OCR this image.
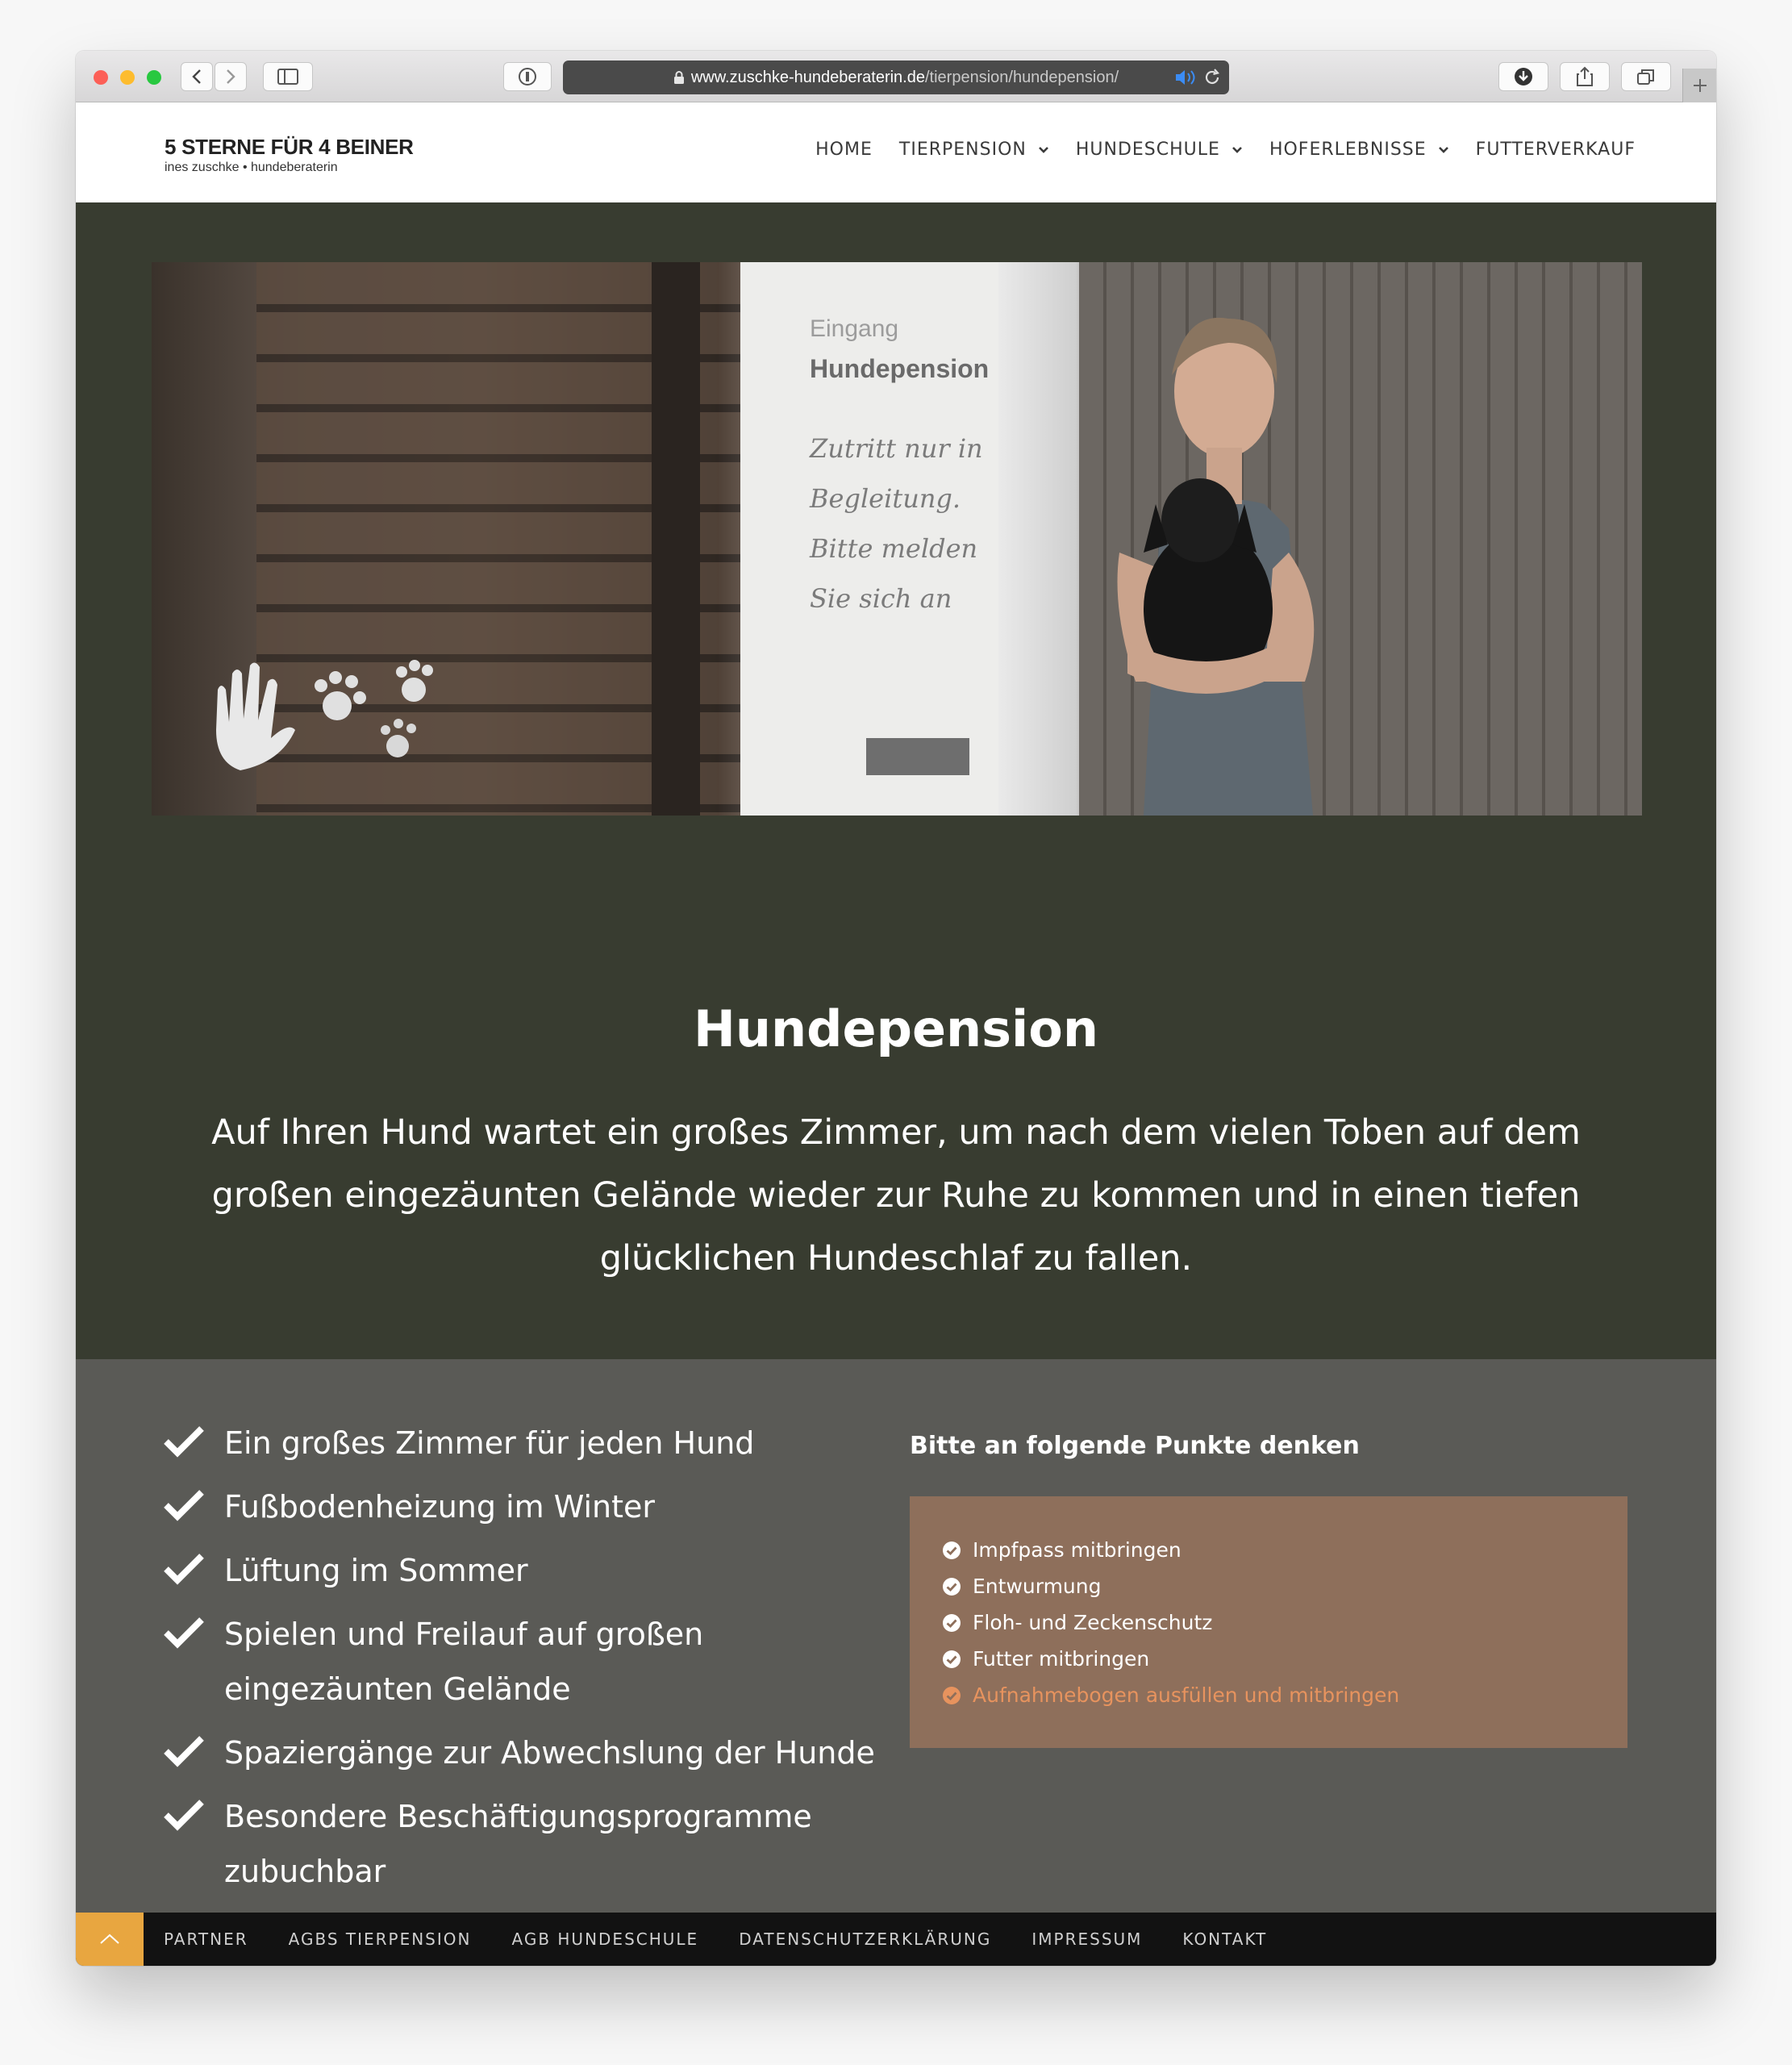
www.zuschke-hundeberaterin.de /tierpension/hundepension/
5 STERNE FÜR 4 BEINER
ines zuschke • hundeberaterin
HOME TIERPENSION	HUNDESCHULE	HOFERLEBNISSE	FUTTERVERKAUF
Eingang
Hundepension
Zutritt nur in Begleitung. Bitte melden Sie sich an
Hundepension

Auf Ihren Hund wartet ein großes Zimmer, um nach dem vielen Toben auf dem großen eingezäunten Gelände wieder zur Ruhe zu kommen und in einen tiefen glücklichen Hundeschlaf zu fallen.

Ein großes Zimmer für jeden Hund
Fußbodenheizung im Winter
Lüftung im Sommer
Spielen und Freilauf auf großen eingezäunten Gelände
Spaziergänge zur Abwechslung der Hunde
Besondere Beschäftigungsprogramme zubuchbar
Bitte an folgende Punkte denken
Impfpass mitbringen
Entwurmung
Floh- und Zeckenschutz
Futter mitbringen
Aufnahmebogen ausfüllen und mitbringen
PARTNER	AGBS TIERPENSION	AGB HUNDESCHULE	DATENSCHUTZERKLÄRUNG	IMPRESSUM	KONTAKT
